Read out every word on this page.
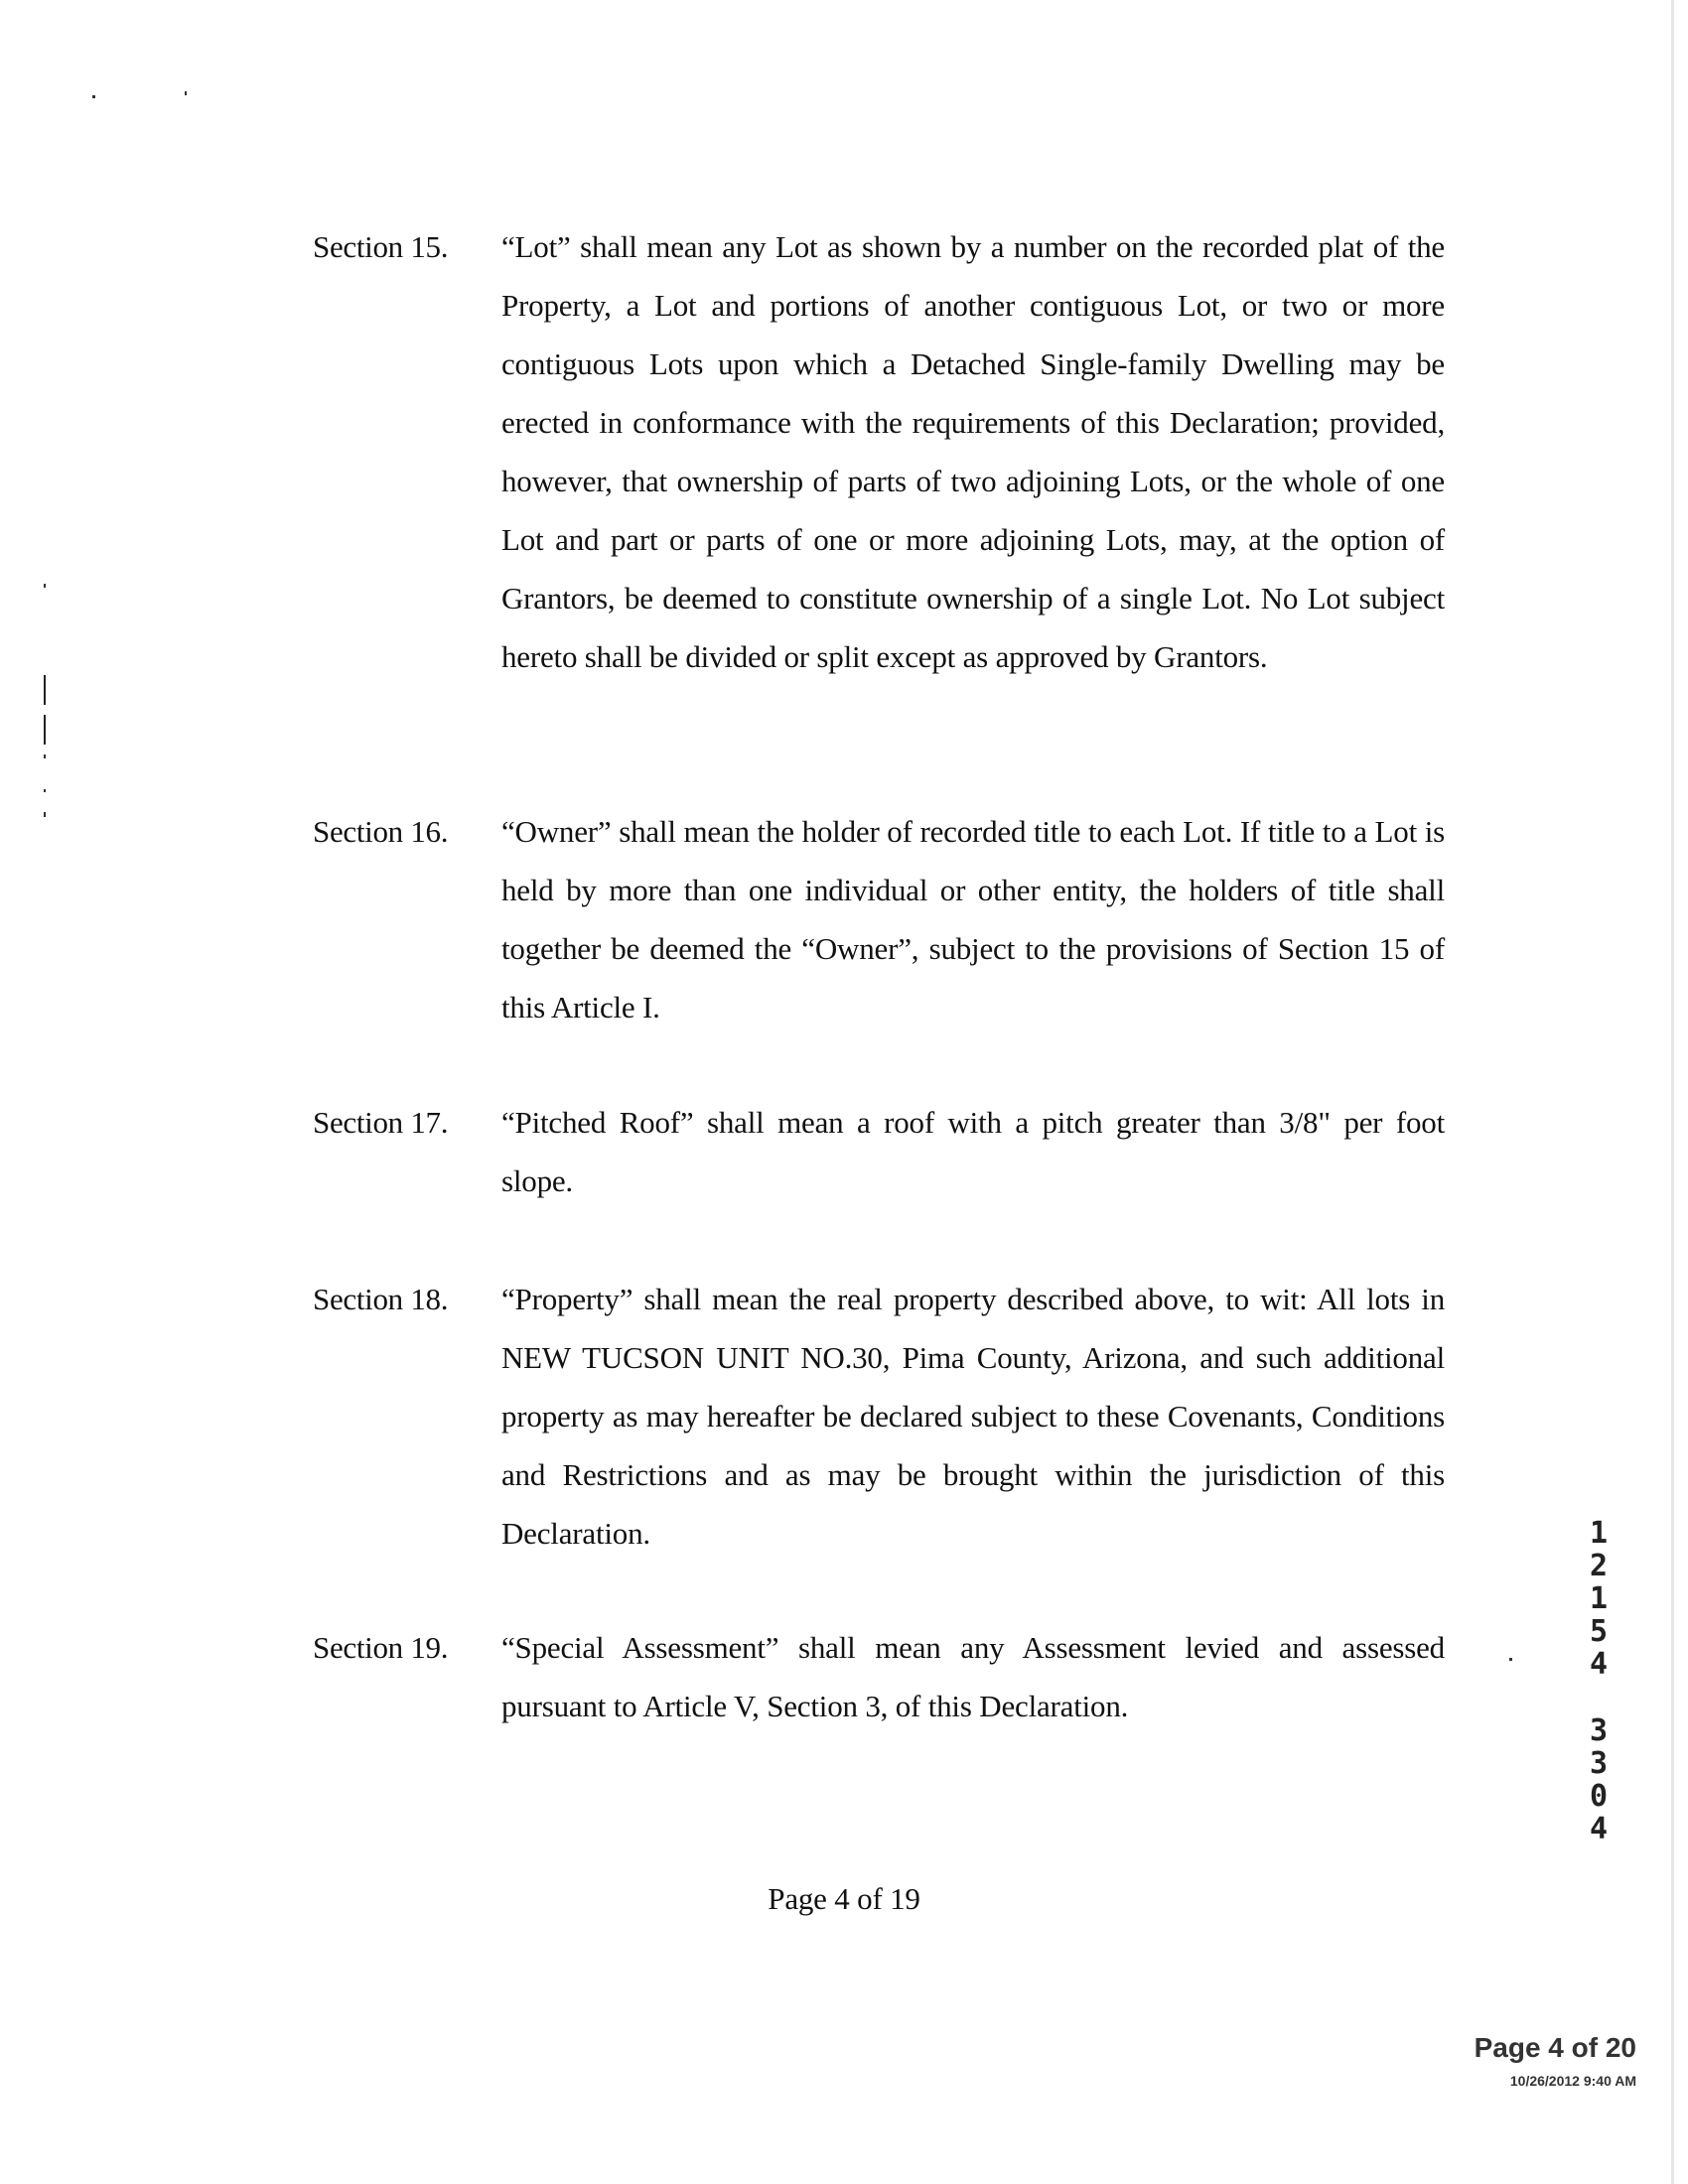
Section 15. “Lot” shall mean any Lot as shown by a number on the recorded plat of the Property, a Lot and portions of another contiguous Lot, or two or more contiguous Lots upon which a Detached Single-family Dwelling may be erected in conformance with the requirements of this Declaration; provided, however, that ownership of parts of two adjoining Lots, or the whole of one Lot and part or parts of one or more adjoining Lots, may, at the option of Grantors, be deemed to constitute ownership of a single Lot. No Lot subject hereto shall be divided or split except as approved by Grantors.
Section 16. “Owner” shall mean the holder of recorded title to each Lot. If title to a Lot is held by more than one individual or other entity, the holders of title shall together be deemed the “Owner”, subject to the provisions of Section 15 of this Article I.
Section 17. “Pitched Roof” shall mean a roof with a pitch greater than 3/8" per foot slope.
Section 18. “Property” shall mean the real property described above, to wit: All lots in NEW TUCSON UNIT NO.30, Pima County, Arizona, and such additional property as may hereafter be declared subject to these Covenants, Conditions and Restrictions and as may be brought within the jurisdiction of this Declaration.
Section 19. “Special Assessment” shall mean any Assessment levied and assessed pursuant to Article V, Section 3, of this Declaration.
1
2
1
5
4
3
3
0
4
Page 4 of 19
Page 4 of 20
10/26/2012 9:40 AM
